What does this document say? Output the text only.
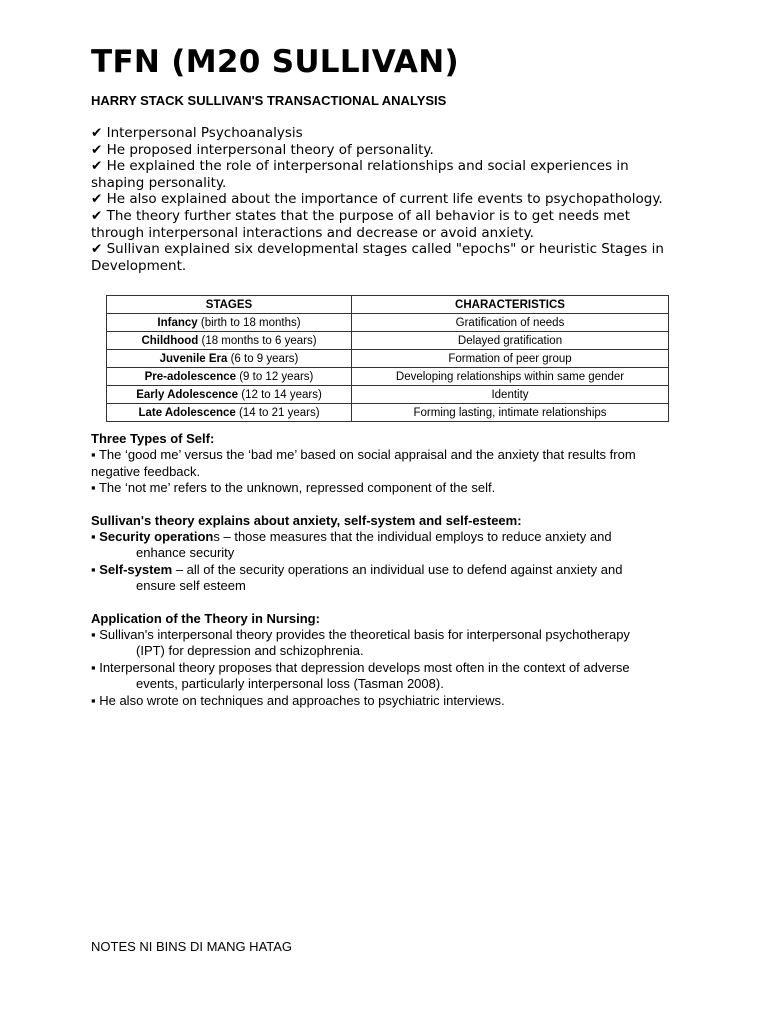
TFN (M20 SULLIVAN)
HARRY STACK SULLIVAN'S TRANSACTIONAL ANALYSIS
✔ Interpersonal Psychoanalysis
✔ He proposed interpersonal theory of personality.
✔ He explained the role of interpersonal relationships and social experiences in shaping personality.
✔ He also explained about the importance of current life events to psychopathology.
✔ The theory further states that the purpose of all behavior is to get needs met through interpersonal interactions and decrease or avoid anxiety.
✔ Sullivan explained six developmental stages called "epochs" or heuristic Stages in Development.
STAGES	CHARACTERISTICS
Infancy (birth to 18 months)	Gratification of needs
Childhood (18 months to 6 years)	Delayed gratification
Juvenile Era (6 to 9 years)	Formation of peer group
Pre-adolescence (9 to 12 years)	Developing relationships within same gender
Early Adolescence (12 to 14 years)	Identity
Late Adolescence (14 to 21 years)	Forming lasting, intimate relationships
Three Types of Self:
▪ The ‘good me’ versus the ‘bad me’ based on social appraisal and the anxiety that results from negative feedback.
▪ The ‘not me’ refers to the unknown, repressed component of the self.
Sullivan's theory explains about anxiety, self-system and self-esteem:
▪ Security operations – those measures that the individual employs to reduce anxiety and
enhance security
▪ Self-system – all of the security operations an individual use to defend against anxiety and
ensure self esteem
Application of the Theory in Nursing:
▪ Sullivan's interpersonal theory provides the theoretical basis for interpersonal psychotherapy
(IPT) for depression and schizophrenia.
▪ Interpersonal theory proposes that depression develops most often in the context of adverse
events, particularly interpersonal loss (Tasman 2008).
▪ He also wrote on techniques and approaches to psychiatric interviews.
NOTES NI BINS DI MANG HATAG
